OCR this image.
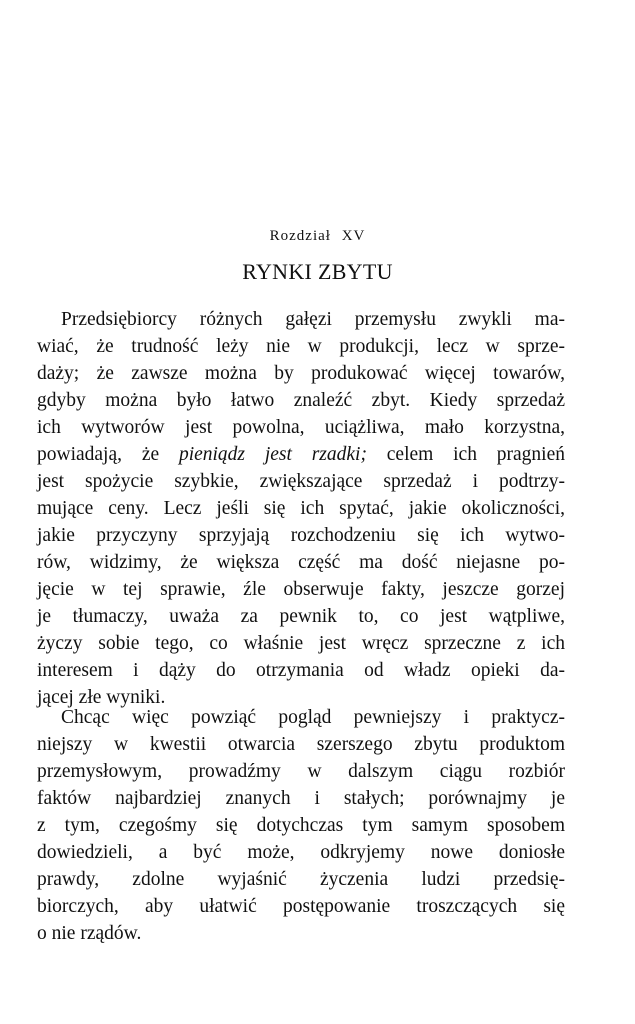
Rozdział XV
RYNKI ZBYTU
Przedsiębiorcy różnych gałęzi przemysłu zwykli ma-
wiać, że trudność leży nie w produkcji, lecz w sprze-
daży; że zawsze można by produkować więcej towarów,
gdyby można było łatwo znaleźć zbyt. Kiedy sprzedaż
ich wytworów jest powolna, uciążliwa, mało korzystna,
powiadają, że pieniądz jest rzadki; celem ich pragnień
jest spożycie szybkie, zwiększające sprzedaż i podtrzy-
mujące ceny. Lecz jeśli się ich spytać, jakie okoliczności,
jakie przyczyny sprzyjają rozchodzeniu się ich wytwo-
rów, widzimy, że większa część ma dość niejasne po-
jęcie w tej sprawie, źle obserwuje fakty, jeszcze gorzej
je tłumaczy, uważa za pewnik to, co jest wątpliwe,
życzy sobie tego, co właśnie jest wręcz sprzeczne z ich
interesem i dąży do otrzymania od władz opieki da-
jącej złe wyniki.
Chcąc więc powziąć pogląd pewniejszy i praktycz-
niejszy w kwestii otwarcia szerszego zbytu produktom
przemysłowym, prowadźmy w dalszym ciągu rozbiór
faktów najbardziej znanych i stałych; porównajmy je
z tym, czegośmy się dotychczas tym samym sposobem
dowiedzieli, a być może, odkryjemy nowe doniosłe
prawdy, zdolne wyjaśnić życzenia ludzi przedsię-
biorczych, aby ułatwić postępowanie troszczących się
o nie rządów.
